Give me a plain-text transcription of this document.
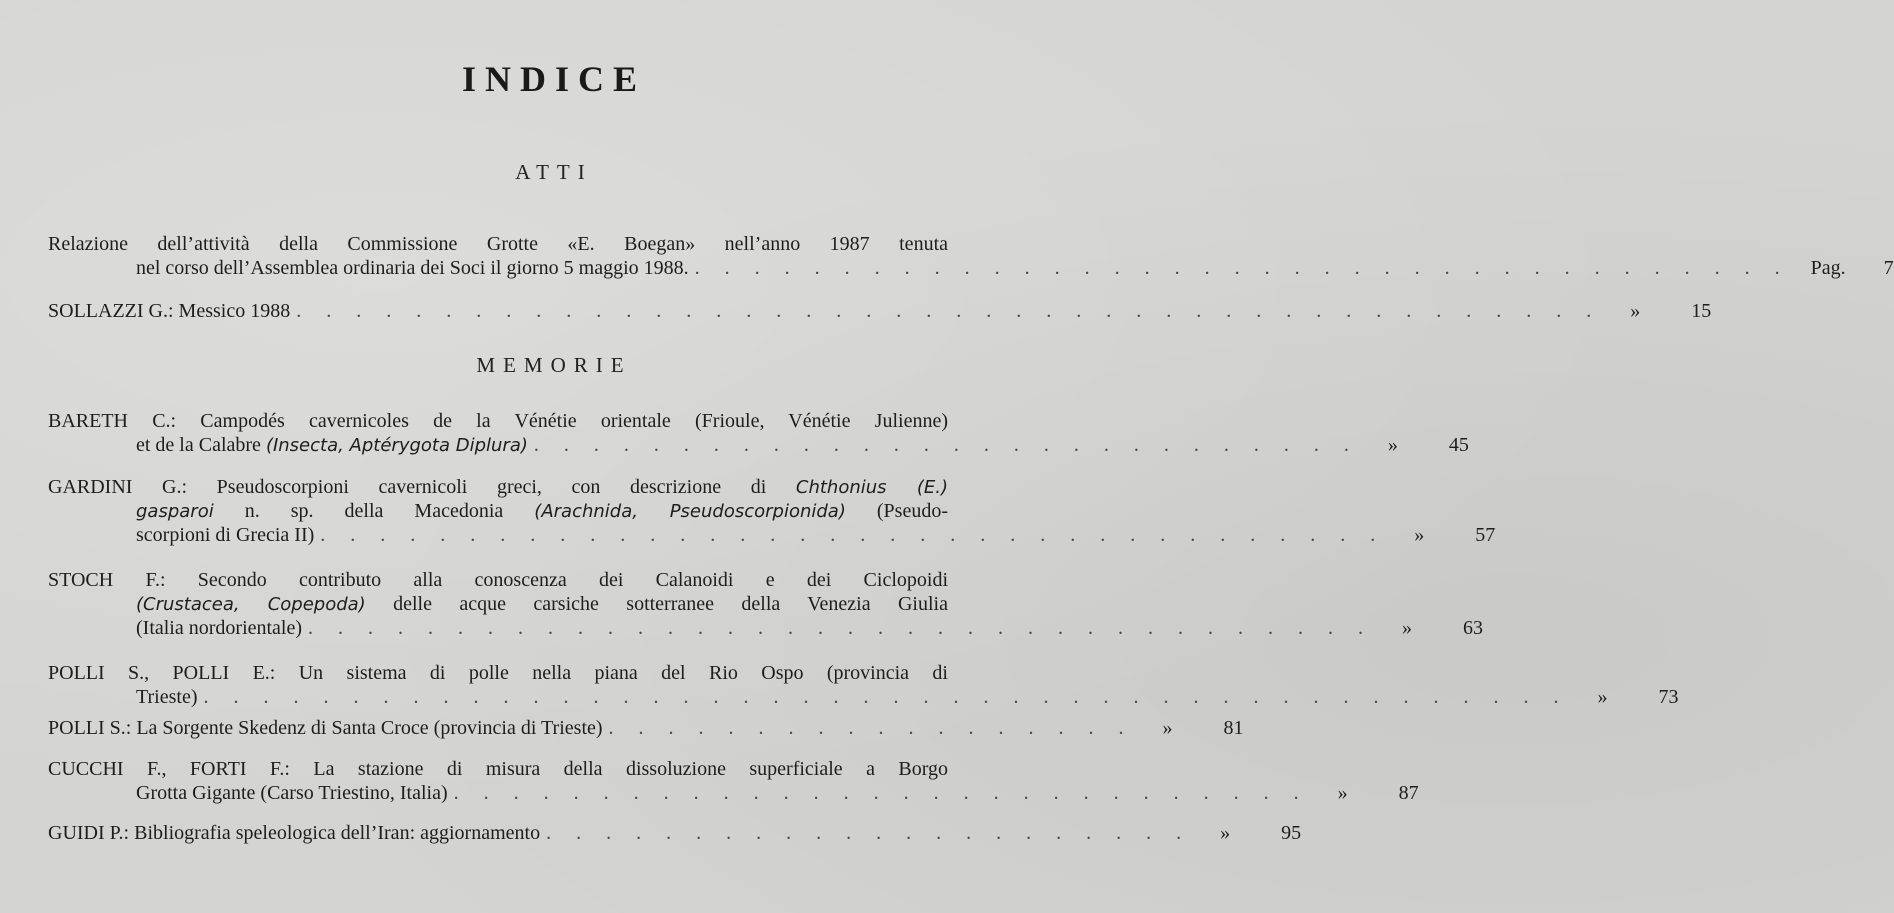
INDICE
ATTI
Relazione dell’attività della Commissione Grotte «E. Boegan» nell’anno 1987 tenuta
nel corso dell’Assemblea ordinaria dei Soci il giorno 5 maggio 1988. . . . . . . . . . . . . . . . . . . . . . . . . . . . . . . . . . . . . .	Pag.	7
SOLLAZZI G.: Messico 1988 . . . . . . . . . . . . . . . . . . . . . . . . . . . . . . . . . . . . . . . . . . . .	»	15
MEMORIE
BARETH C.: Campodés cavernicoles de la Vénétie orientale (Frioule, Vénétie Julienne)
et de la Calabre (Insecta, Aptérygota Diplura) . . . . . . . . . . . . . . . . . . . . . . . . . . . .	»	45
GARDINI G.: Pseudoscorpioni cavernicoli greci, con descrizione di Chthonius (E.)
gasparoi n. sp. della Macedonia (Arachnida, Pseudoscorpionida) (Pseudo-
scorpioni di Grecia II) . . . . . . . . . . . . . . . . . . . . . . . . . . . . . . . . . . . .	»	57
STOCH F.: Secondo contributo alla conoscenza dei Calanoidi e dei Ciclopoidi
(Crustacea, Copepoda) delle acque carsiche sotterranee della Venezia Giulia
(Italia nordorientale) . . . . . . . . . . . . . . . . . . . . . . . . . . . . . . . . . . . .	»	63
POLLI S., POLLI E.: Un sistema di polle nella piana del Rio Ospo (provincia di
Trieste) . . . . . . . . . . . . . . . . . . . . . . . . . . . . . . . . . . . . . . . . . . . . . .	»	73
POLLI S.: La Sorgente Skedenz di Santa Croce (provincia di Trieste) . . . . . . . . . . . . . . . . . .	»	81
CUCCHI F., FORTI F.: La stazione di misura della dissoluzione superficiale a Borgo
Grotta Gigante (Carso Triestino, Italia) . . . . . . . . . . . . . . . . . . . . . . . . . . . . .	»	87
GUIDI P.: Bibliografia speleologica dell’Iran: aggiornamento . . . . . . . . . . . . . . . . . . . . . .	»	95
